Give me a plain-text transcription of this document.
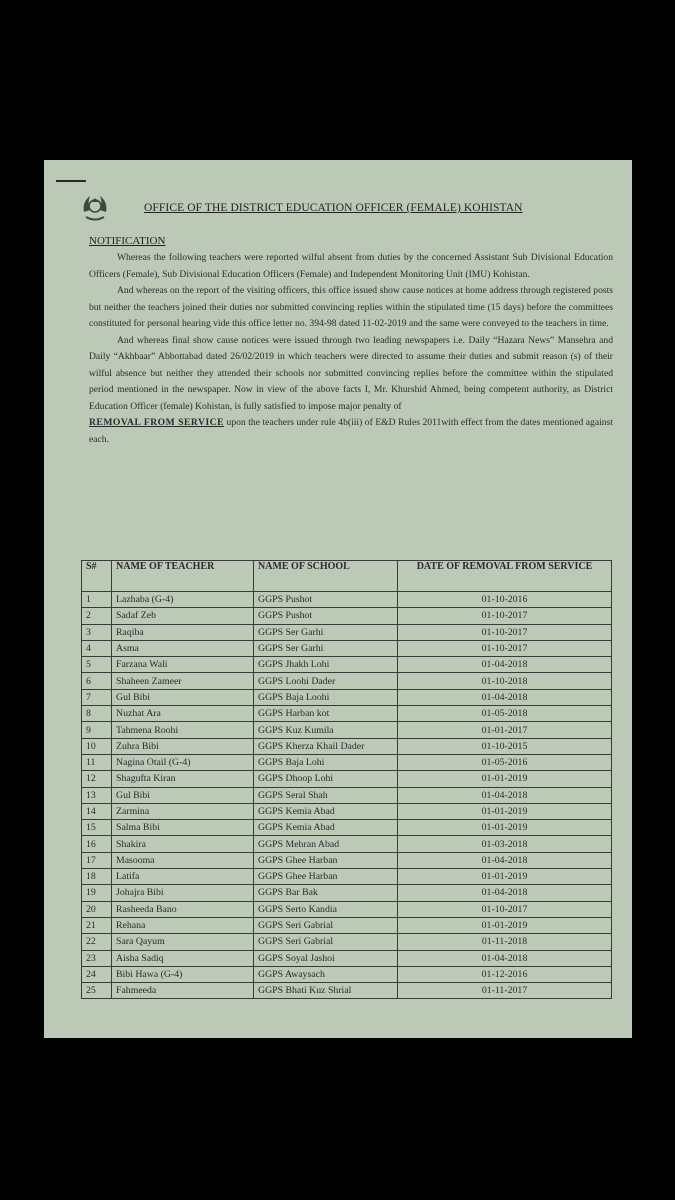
OFFICE OF THE DISTRICT EDUCATION OFFICER (FEMALE) KOHISTAN
NOTIFICATION

Whereas the following teachers were reported wilful absent from duties by the concerned Assistant Sub Divisional Education Officers (Female), Sub Divisional Education Officers (Female) and Independent Monitoring Unit (IMU) Kohistan.

And whereas on the report of the visiting officers, this office issued show cause notices at home address through registered posts but neither the teachers joined their duties nor submitted convincing replies within the stipulated time (15 days) before the committees constituted for personal hearing vide this office letter no. 394-98 dated 11-02-2019 and the same were conveyed to the teachers in time.

And whereas final show cause notices were issued through two leading newspapers i.e. Daily “Hazara News” Mansehra and Daily “Akhbaar” Abbottabad dated 26/02/2019 in which teachers were directed to assume their duties and submit reason (s) of their wilful absence but neither they attended their schools nor submitted convincing replies before the committee within the stipulated period mentioned in the newspaper. Now in view of the above facts I, Mr. Khurshid Ahmed, being competent authority, as District Education Officer (female) Kohistan, is fully satisfied to impose major penalty of

REMOVAL FROM SERVICE upon the teachers under rule 4b(iii) of E&D Rules 2011with effect from the dates mentioned against each.

S#	NAME OF TEACHER	NAME OF SCHOOL	DATE OF REMOVAL FROM SERVICE
1	Lazhaba (G-4)	GGPS Pushot	01-10-2016
2	Sadaf Zeb	GGPS Pushot	01-10-2017
3	Raqiba	GGPS Ser Garhi	01-10-2017
4	Asma	GGPS Ser Garhi	01-10-2017
5	Farzana Wali	GGPS Jhakh Lohi	01-04-2018
6	Shaheen Zameer	GGPS Loohi Dader	01-10-2018
7	Gul Bibi	GGPS Baja Loohi	01-04-2018
8	Nuzhat Ara	GGPS Harban kot	01-05-2018
9	Tahmena Roohi	GGPS Kuz Kumila	01-01-2017
10	Zuhra Bibi	GGPS Kherza Khail Dader	01-10-2015
11	Nagina Otail (G-4)	GGPS Baja Lohi	01-05-2016
12	Shagufta Kiran	GGPS Dhoop Lohi	01-01-2019
13	Gul Bibi	GGPS Seral Shah	01-04-2018
14	Zarmina	GGPS Kemia Abad	01-01-2019
15	Salma Bibi	GGPS Kemia Abad	01-01-2019
16	Shakira	GGPS Mehran Abad	01-03-2018
17	Masooma	GGPS Ghee Harban	01-04-2018
18	Latifa	GGPS Ghee Harban	01-01-2019
19	Johajra Bibi	GGPS Bar Bak	01-04-2018
20	Rasheeda Bano	GGPS Serto Kandia	01-10-2017
21	Rehana	GGPS Seri Gabrial	01-01-2019
22	Sara Qayum	GGPS Seri Gabrial	01-11-2018
23	Aisha Sadiq	GGPS Soyal Jashoi	01-04-2018
24	Bibi Hawa (G-4)	GGPS Awaysach	01-12-2016
25	Fahmeeda	GGPS Bhati Kuz Shrial	01-11-2017
